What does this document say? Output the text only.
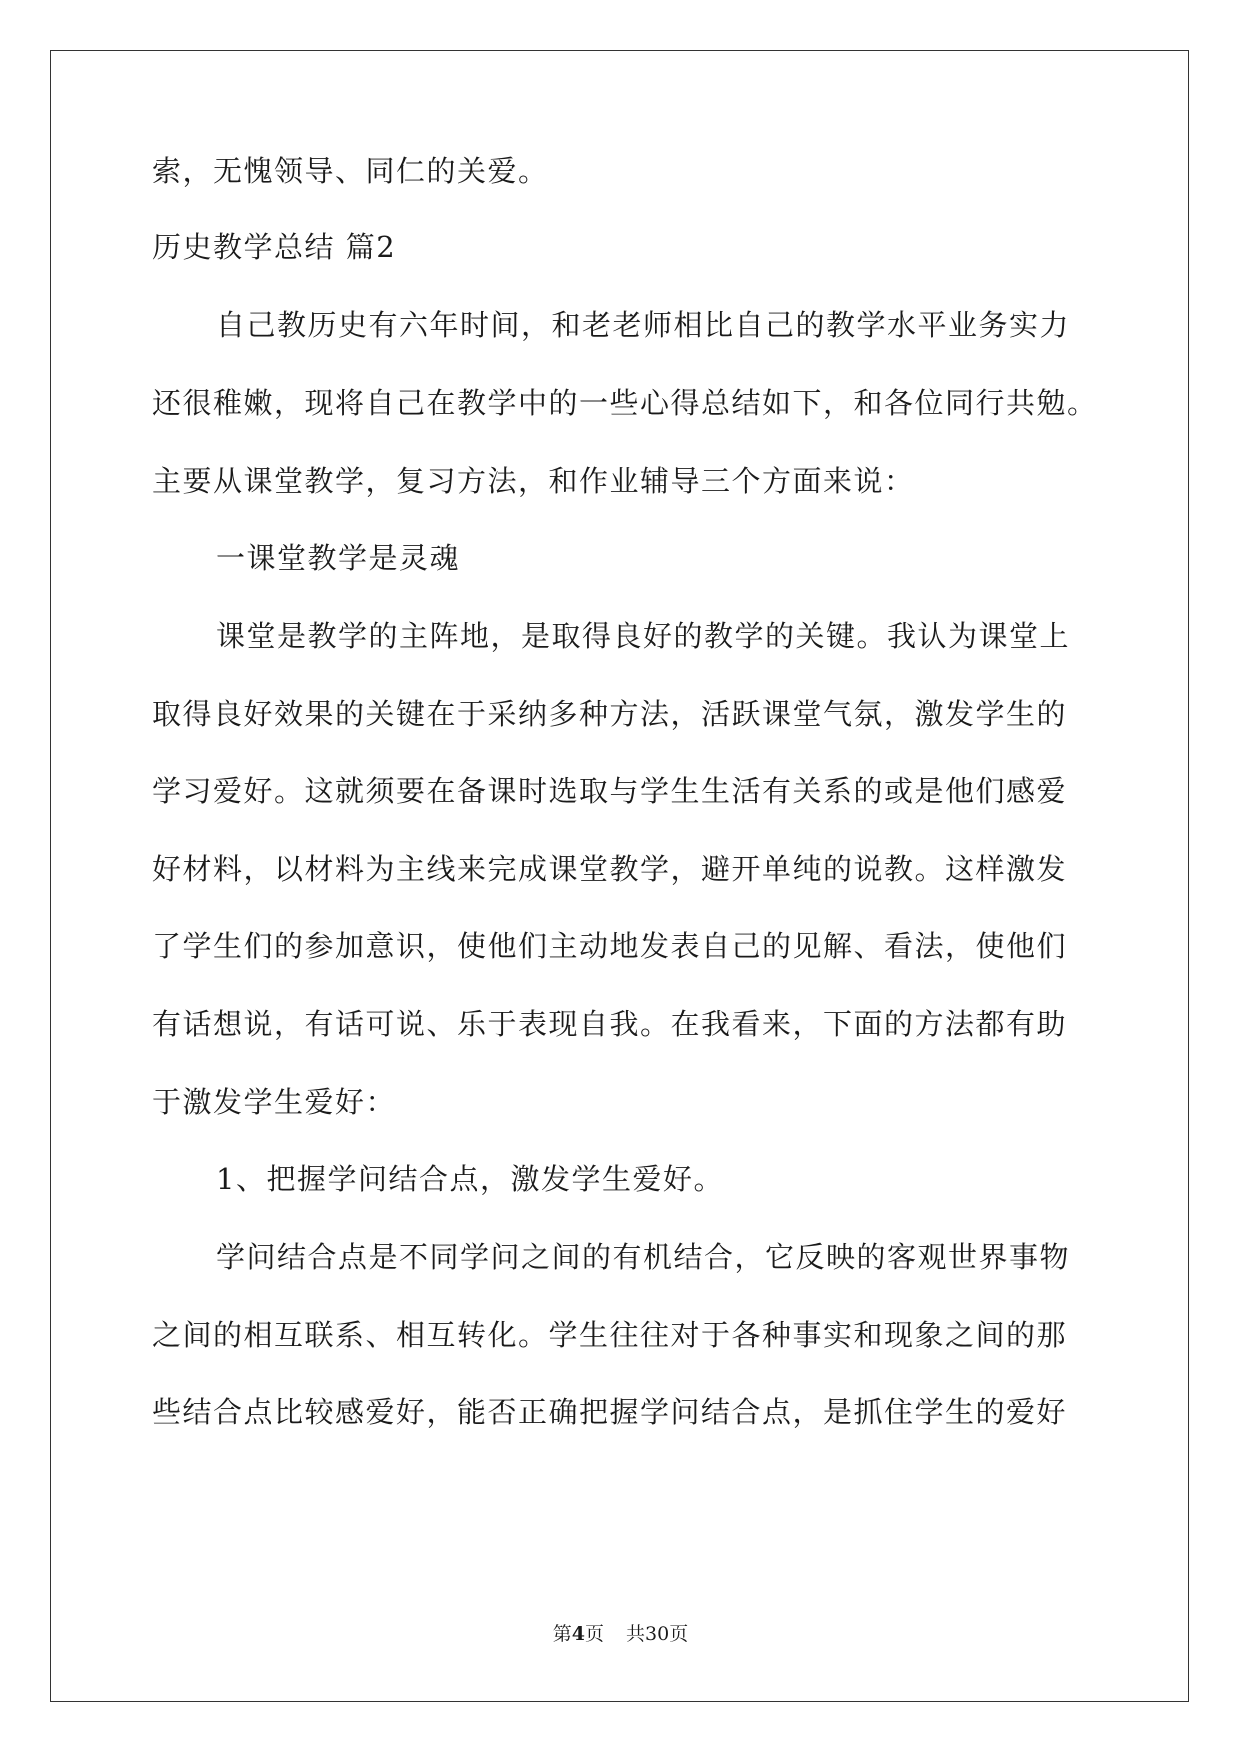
索，无愧领导、同仁的关爱。

历史教学总结 篇2

自己教历史有六年时间，和老老师相比自己的教学水平业务实力

还很稚嫩，现将自己在教学中的一些心得总结如下，和各位同行共勉。

主要从课堂教学，复习方法，和作业辅导三个方面来说：

一课堂教学是灵魂

课堂是教学的主阵地，是取得良好的教学的关键。我认为课堂上

取得良好效果的关键在于采纳多种方法，活跃课堂气氛，激发学生的

学习爱好。这就须要在备课时选取与学生生活有关系的或是他们感爱

好材料，以材料为主线来完成课堂教学，避开单纯的说教。这样激发

了学生们的参加意识，使他们主动地发表自己的见解、看法，使他们

有话想说，有话可说、乐于表现自我。在我看来，下面的方法都有助

于激发学生爱好：

1、把握学问结合点，激发学生爱好。

学问结合点是不同学问之间的有机结合，它反映的客观世界事物

之间的相互联系、相互转化。学生往往对于各种事实和现象之间的那

些结合点比较感爱好，能否正确把握学问结合点，是抓住学生的爱好

第4页 共30页
